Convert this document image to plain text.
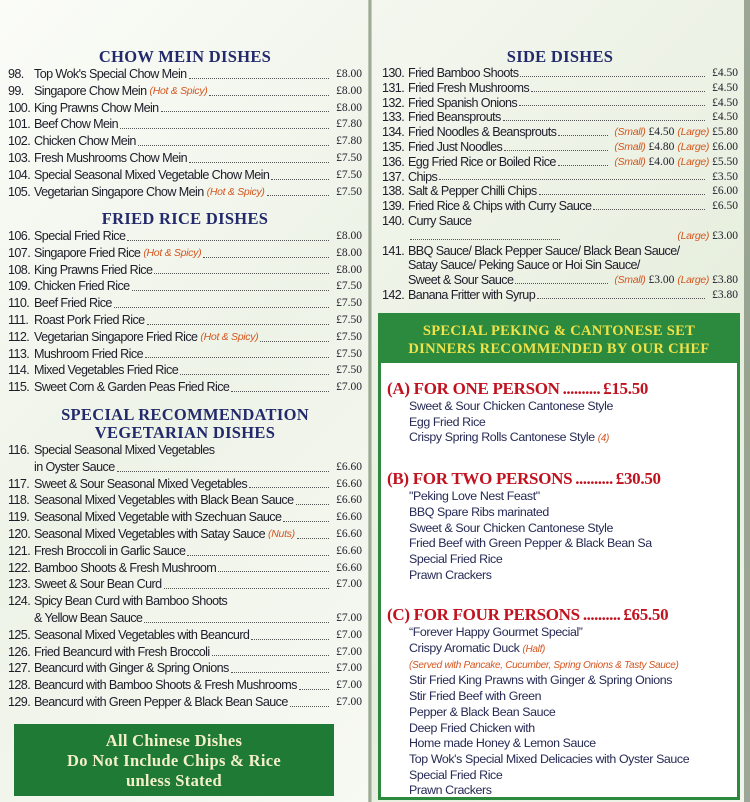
CHOW MEIN DISHES
98. Top Wok's Special Chow Mein	£8.00
99. Singapore Chow Mein (Hot & Spicy)	£8.00
100. King Prawns Chow Mein	£8.00
101. Beef Chow Mein	£7.80
102. Chicken Chow Mein	£7.80
103. Fresh Mushrooms Chow Mein	£7.50
104. Special Seasonal Mixed Vegetable Chow Mein	£7.50
105. Vegetarian Singapore Chow Mein (Hot & Spicy)	£7.50
FRIED RICE DISHES
106. Special Fried Rice	£8.00
107. Singapore Fried Rice (Hot & Spicy)	£8.00
108. King Prawns Fried Rice	£8.00
109. Chicken Fried Rice	£7.50
110. Beef Fried Rice	£7.50
111. Roast Pork Fried Rice	£7.50
112. Vegetarian Singapore Fried Rice (Hot & Spicy)	£7.50
113. Mushroom Fried Rice	£7.50
114. Mixed Vegetables Fried Rice	£7.50
115. Sweet Corn & Garden Peas Fried Rice	£7.00
SPECIAL RECOMMENDATION
VEGETARIAN DISHES
116. Special Seasonal Mixed Vegetables
in Oyster Sauce	£6.60
117. Sweet & Sour Seasonal Mixed Vegetables	£6.60
118. Seasonal Mixed Vegetables with Black Bean Sauce	£6.60
119. Seasonal Mixed Vegetable with Szechuan Sauce	£6.60
120. Seasonal Mixed Vegetables with Satay Sauce (Nuts)	£6.60
121. Fresh Broccoli in Garlic Sauce	£6.60
122. Bamboo Shoots & Fresh Mushroom	£6.60
123. Sweet & Sour Bean Curd	£7.00
124. Spicy Bean Curd with Bamboo Shoots
& Yellow Bean Sauce	£7.00
125. Seasonal Mixed Vegetables with Beancurd	£7.00
126. Fried Beancurd with Fresh Broccoli	£7.00
127. Beancurd with Ginger & Spring Onions	£7.00
128. Beancurd with Bamboo Shoots & Fresh Mushrooms	£7.00
129. Beancurd with Green Pepper & Black Bean Sauce	£7.00
All Chinese Dishes
Do Not Include Chips & Rice
unless Stated
SIDE DISHES
130. Fried Bamboo Shoots	£4.50
131. Fried Fresh Mushrooms	£4.50
132. Fried Spanish Onions	£4.50
133. Fried Beansprouts	£4.50
134. Fried Noodles & Beansprouts	(Small) £4.50 (Large) £5.80
135. Fried Just Noodles	(Small) £4.80 (Large) £6.00
136. Egg Fried Rice or Boiled Rice	(Small) £4.00 (Large) £5.50
137. Chips	£3.50
138. Salt & Pepper Chilli Chips	£6.00
139. Fried Rice & Chips with Curry Sauce	£6.50
140. Curry Sauce
(Large) £3.00
141. BBQ Sauce/ Black Pepper Sauce/ Black Bean Sauce/
Satay Sauce/ Peking Sauce or Hoi Sin Sauce/
Sweet & Sour Sauce	(Small) £3.00 (Large) £3.80
142. Banana Fritter with Syrup	£3.80
SPECIAL PEKING & CANTONESE SET
DINNERS RECOMMENDED BY OUR CHEF
(A) FOR ONE PERSON .......... £15.50
Sweet & Sour Chicken Cantonese Style
Egg Fried Rice
Crispy Spring Rolls Cantonese Style (4)
(B) FOR TWO PERSONS .......... £30.50
"Peking Love Nest Feast"
BBQ Spare Ribs marinated
Sweet & Sour Chicken Cantonese Style
Fried Beef with Green Pepper & Black Bean Sa
Special Fried Rice
Prawn Crackers
(C) FOR FOUR PERSONS .......... £65.50
“Forever Happy Gourmet Special”
Crispy Aromatic Duck (Half)
(Served with Pancake, Cucumber, Spring Onions & Tasty Sauce)
Stir Fried King Prawns with Ginger & Spring Onions
Stir Fried Beef with Green
Pepper & Black Bean Sauce
Deep Fried Chicken with
Home made Honey & Lemon Sauce
Top Wok's Special Mixed Delicacies with Oyster Sauce
Special Fried Rice
Prawn Crackers
